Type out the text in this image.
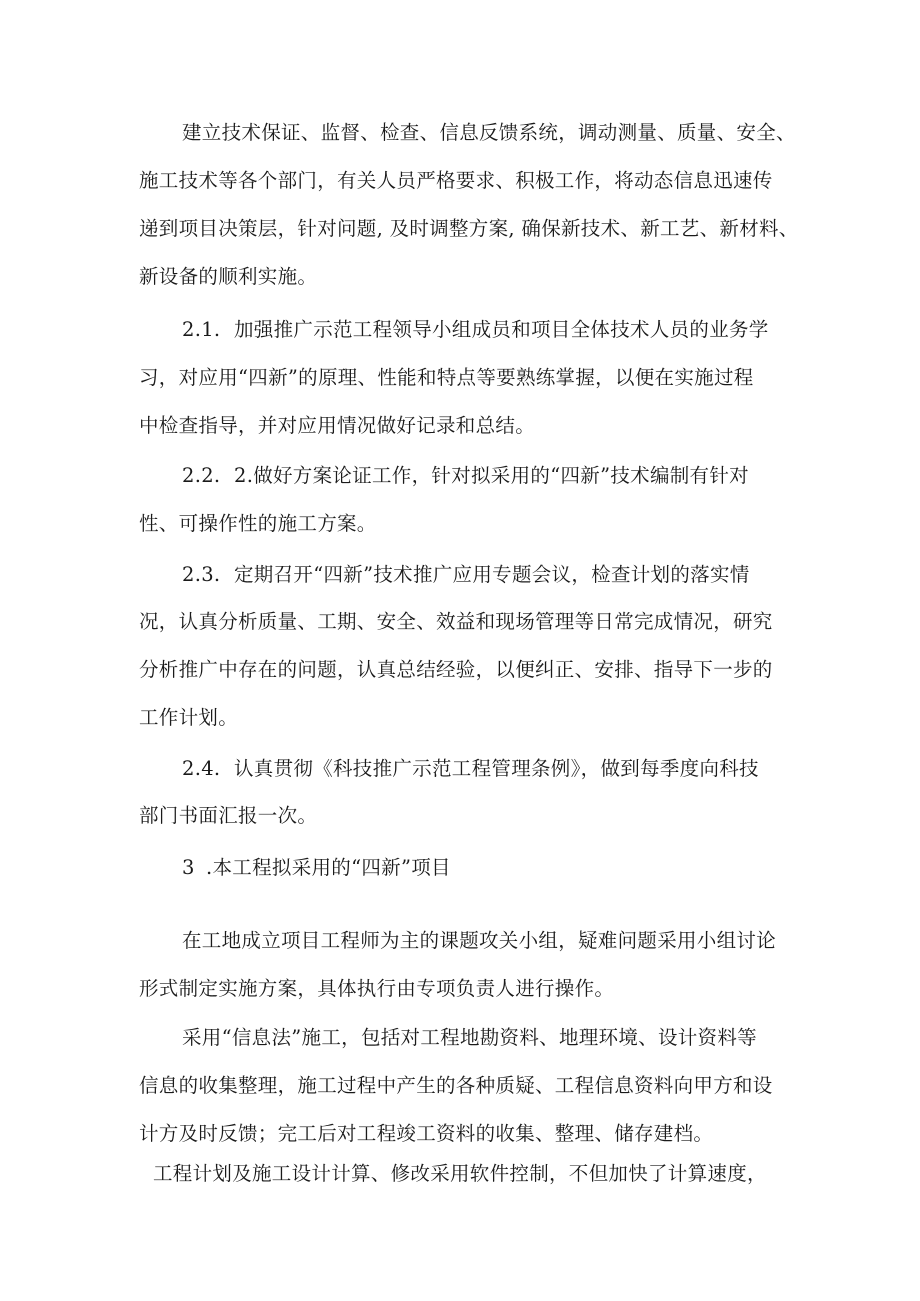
建立技术保证、监督、检查、信息反馈系统，调动测量、质量、安全、
施工技术等各个部门，有关人员严格要求、积极工作，将动态信息迅速传
递到项目决策层，针对问题, 及时调整方案, 确保新技术、新工艺、新材料、
新设备的顺利实施。
2.1. 加强推广示范工程领导小组成员和项目全体技术人员的业务学
习，对应用“四新”的原理、性能和特点等要熟练掌握，以便在实施过程
中检查指导，并对应用情况做好记录和总结。
2.2. 2.做好方案论证工作，针对拟采用的“四新”技术编制有针对
性、可操作性的施工方案。
2.3. 定期召开“四新”技术推广应用专题会议，检查计划的落实情
况，认真分析质量、工期、安全、效益和现场管理等日常完成情况，研究
分析推广中存在的问题，认真总结经验，以便纠正、安排、指导下一步的
工作计划。
2.4. 认真贯彻《科技推广示范工程管理条例》，做到每季度向科技
部门书面汇报一次。
3 .本工程拟采用的“四新”项目
在工地成立项目工程师为主的课题攻关小组，疑难问题采用小组讨论
形式制定实施方案，具体执行由专项负责人进行操作。
采用“信息法”施工，包括对工程地勘资料、地理环境、设计资料等
信息的收集整理，施工过程中产生的各种质疑、工程信息资料向甲方和设
计方及时反馈；完工后对工程竣工资料的收集、整理、储存建档。
工程计划及施工设计计算、修改采用软件控制，不但加快了计算速度，
